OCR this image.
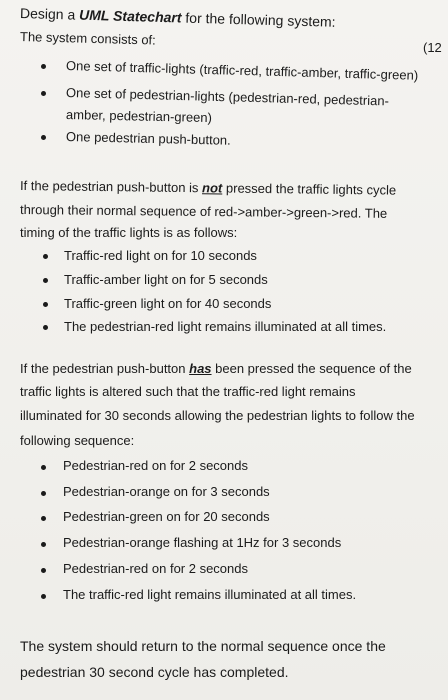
Design a UML Statechart for the following system:
(12
The system consists of:
One set of traffic-lights (traffic-red, traffic-amber, traffic-green)
One set of pedestrian-lights (pedestrian-red, pedestrian-
amber, pedestrian-green)
One pedestrian push-button.
If the pedestrian push-button is not pressed the traffic lights cycle
through their normal sequence of red->amber->green->red. The
timing of the traffic lights is as follows:
Traffic-red light on for 10 seconds
Traffic-amber light on for 5 seconds
Traffic-green light on for 40 seconds
The pedestrian-red light remains illuminated at all times.
If the pedestrian push-button has been pressed the sequence of the
traffic lights is altered such that the traffic-red light remains
illuminated for 30 seconds allowing the pedestrian lights to follow the
following sequence:
Pedestrian-red on for 2 seconds
Pedestrian-orange on for 3 seconds
Pedestrian-green on for 20 seconds
Pedestrian-orange flashing at 1Hz for 3 seconds
Pedestrian-red on for 2 seconds
The traffic-red light remains illuminated at all times.
The system should return to the normal sequence once the
pedestrian 30 second cycle has completed.
